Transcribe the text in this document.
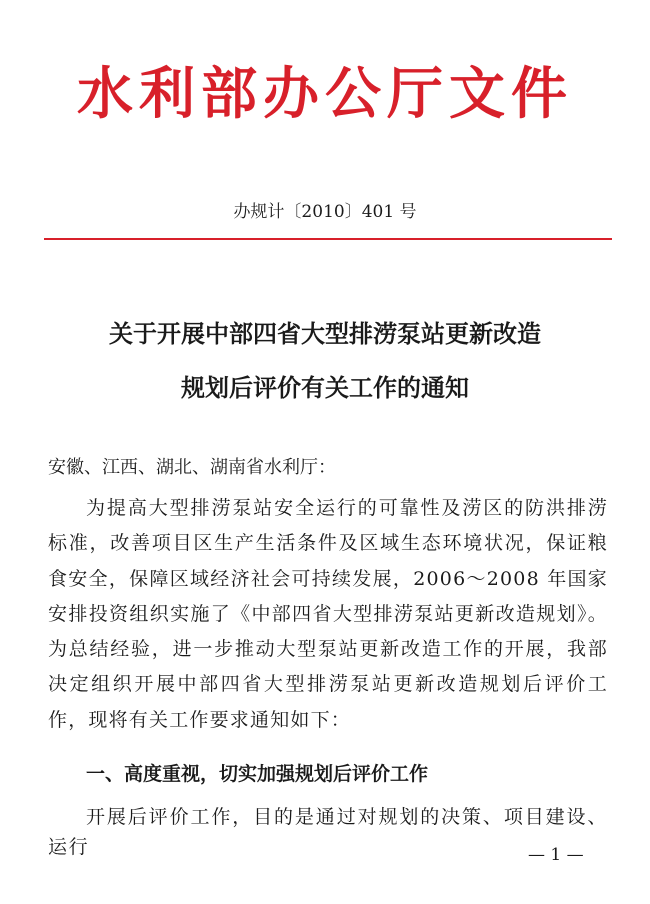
水利部办公厅文件
办规计〔2010〕401 号
关于开展中部四省大型排涝泵站更新改造
规划后评价有关工作的通知
安徽、江西、湖北、湖南省水利厅：
为提高大型排涝泵站安全运行的可靠性及涝区的防洪排涝标准，改善项目区生产生活条件及区域生态环境状况，保证粮食安全，保障区域经济社会可持续发展，2006～2008 年国家安排投资组织实施了《中部四省大型排涝泵站更新改造规划》。为总结经验，进一步推动大型泵站更新改造工作的开展，我部决定组织开展中部四省大型排涝泵站更新改造规划后评价工作，现将有关工作要求通知如下：
一、高度重视，切实加强规划后评价工作
开展后评价工作，目的是通过对规划的决策、项目建设、运行	— 1 —
